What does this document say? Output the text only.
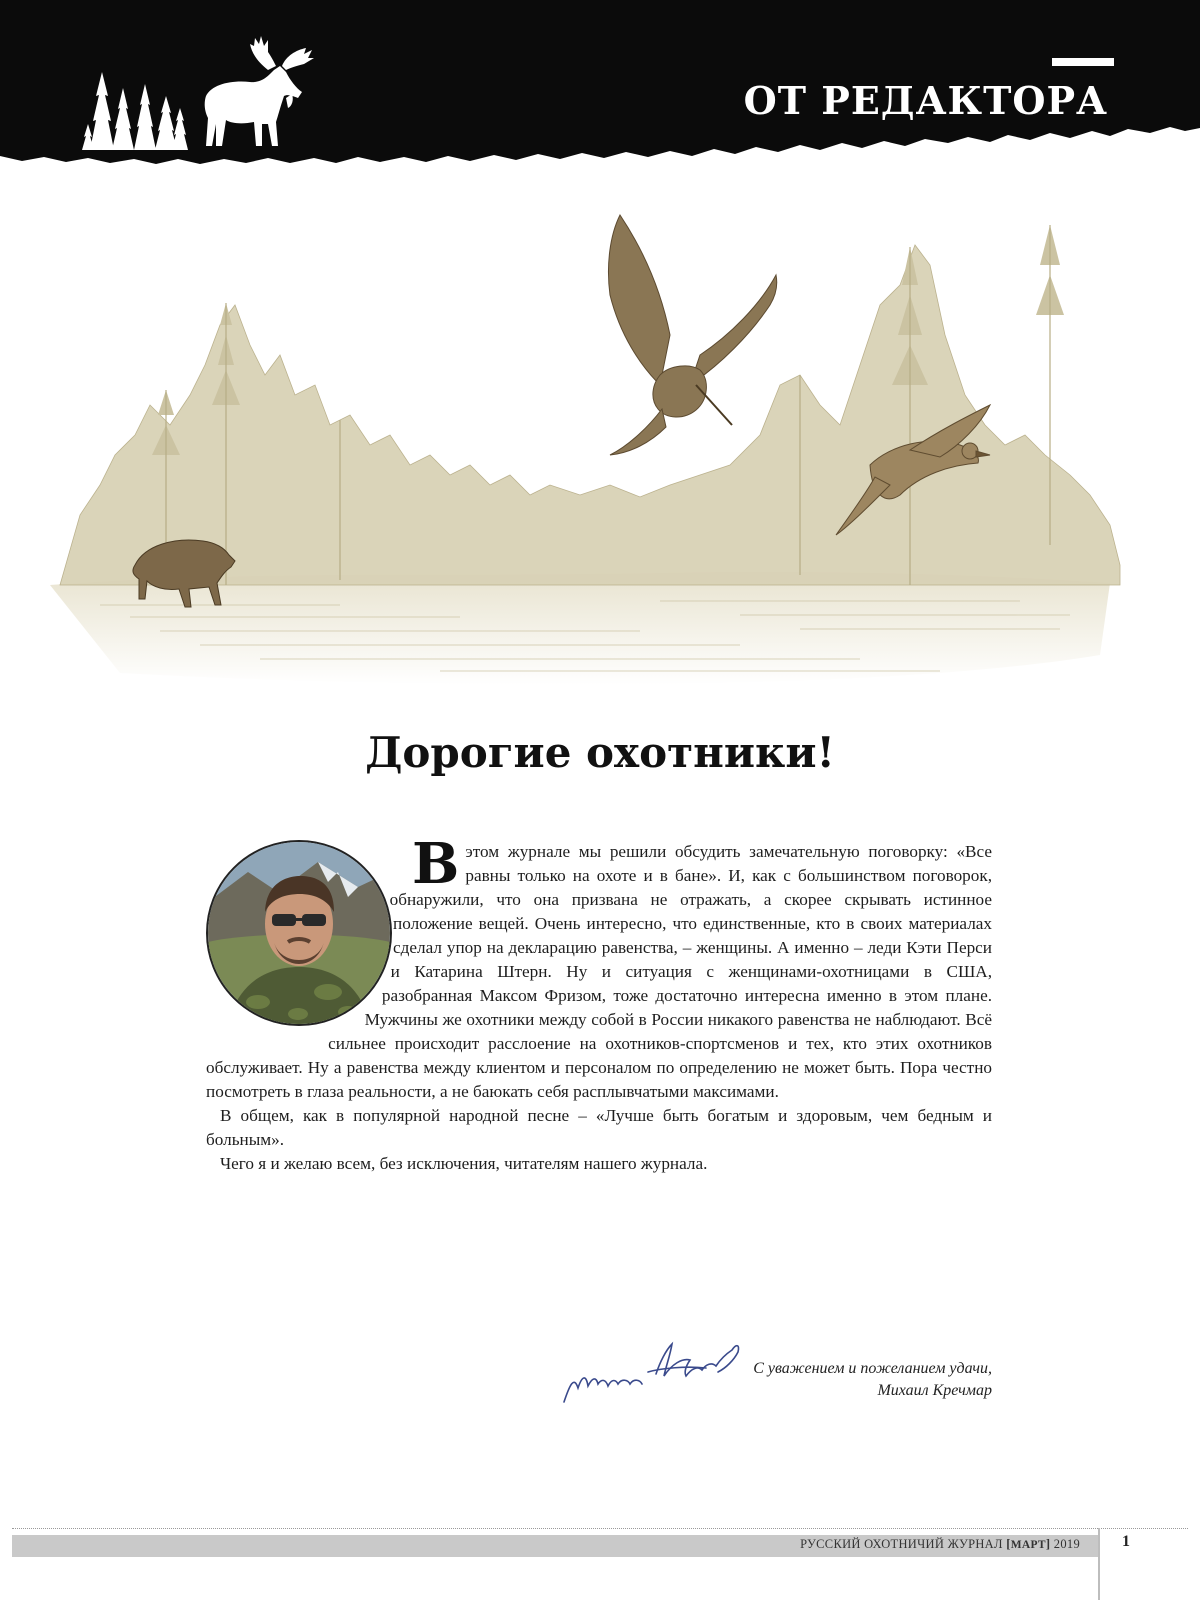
ОТ РЕДАКТОРА
Дорогие охотники!

Вэтом журнале мы решили обсудить замечательную поговорку: «Все равны только на охоте и в бане». И, как с большинством поговорок, обнаружили, что она призвана не отражать, а скорее скрывать истинное положение вещей. Очень интересно, что единственные, кто в своих материалах сделал упор на декларацию равенства, – женщины. А именно – леди Кэти Перси и Катарина Штерн. Ну и ситуация с женщинами-охотницами в США, разобранная Максом Фризом, тоже достаточно интересна именно в этом плане. Мужчины же охотники между собой в России никакого равенства не наблюдают. Всё сильнее происходит расслоение на охотников-спортсменов и тех, кто этих охотников обслуживает. Ну а равенства между клиентом и персоналом по определению не может быть. Пора честно посмотреть в глаза реальности, а не баюкать себя расплывчатыми максимами.

В общем, как в популярной народной песне – «Лучше быть богатым и здоровым, чем бедным и больным».

Чего я и желаю всем, без исключения, читателям нашего журнала.

С уважением и пожеланием удачи,
Михаил Кречмар
РУССКИЙ ОХОТНИЧИЙ ЖУРНАЛ [МАРТ] 2019	1
